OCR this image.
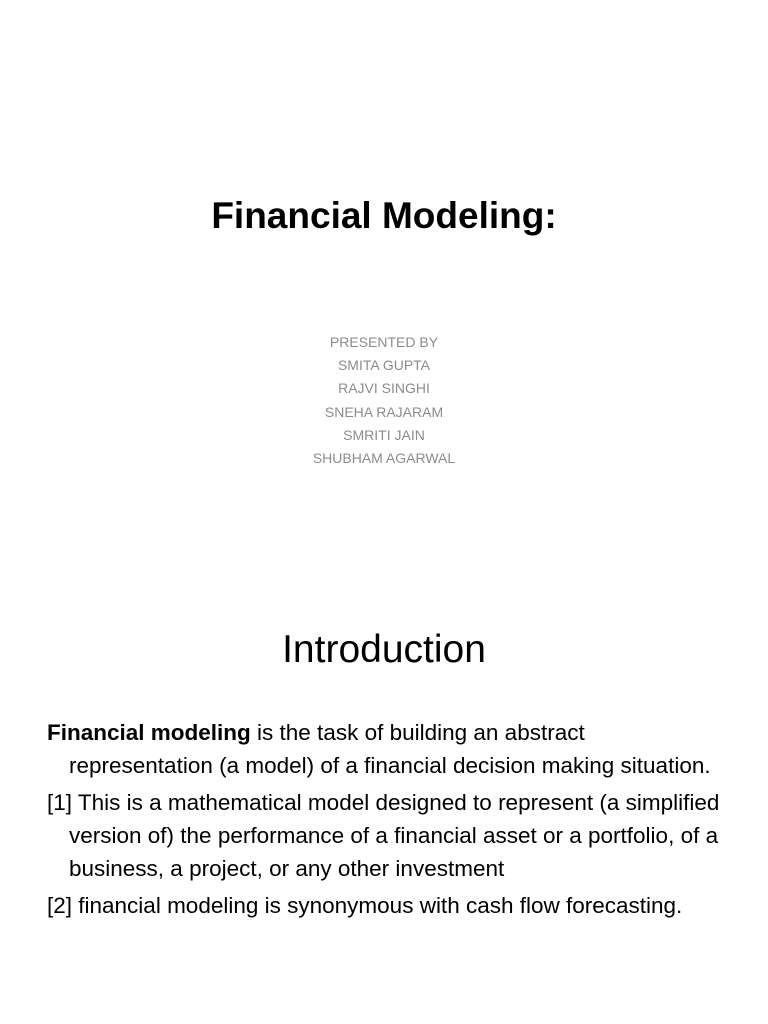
Financial Modeling:
PRESENTED BY
SMITA GUPTA
RAJVI SINGHI
SNEHA RAJARAM
SMRITI JAIN
SHUBHAM AGARWAL
Introduction
Financial modeling is the task of building an abstract representation (a model) of a financial decision making situation.
[1] This is a mathematical model designed to represent (a simplified version of) the performance of a financial asset or a portfolio, of a business, a project, or any other investment
[2] financial modeling is synonymous with cash flow forecasting.
